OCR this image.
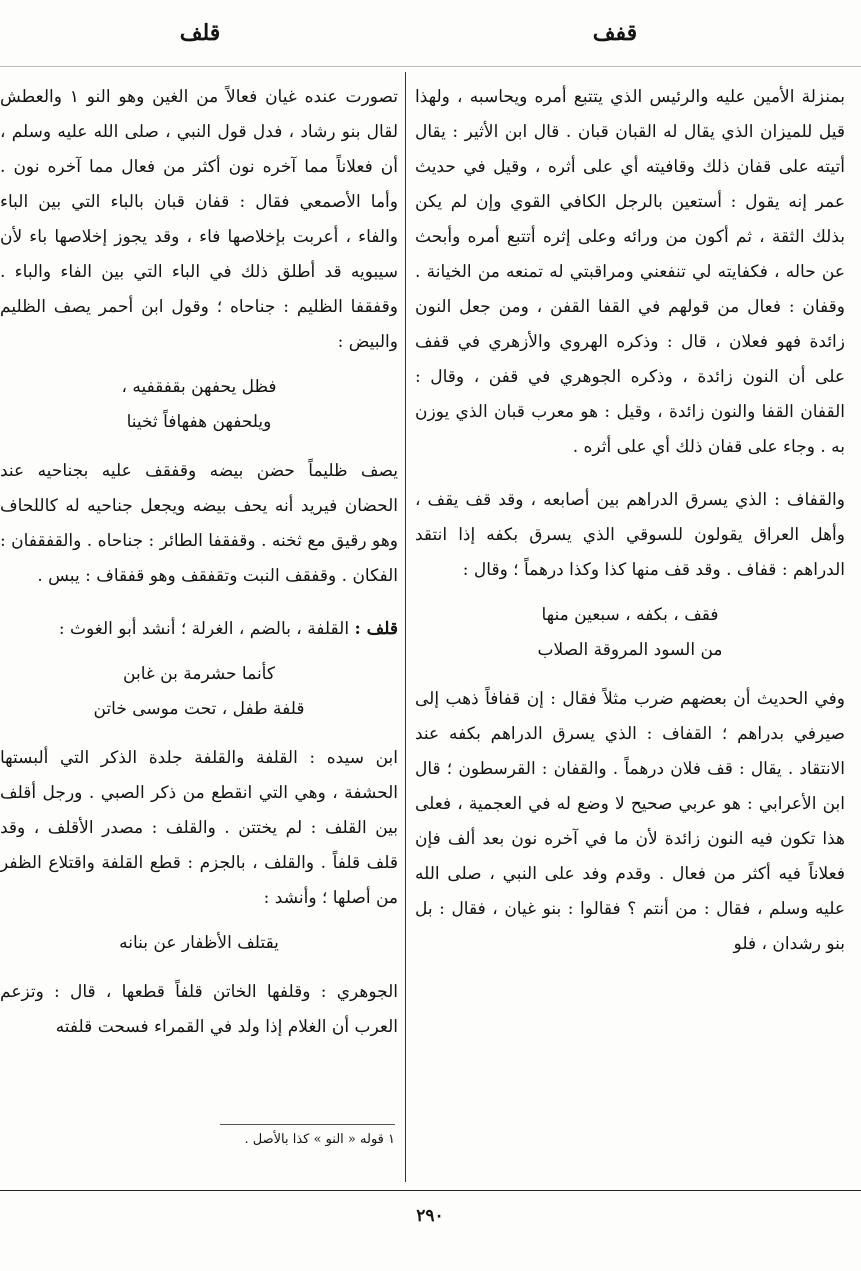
قفف
قلف

بمنزلة الأمين عليه والرئيس الذي يتتبع أمره ويحاسبه ، ولهذا قيل للميزان الذي يقال له القبان قبان . قال ابن الأثير : يقال أتيته على قفان ذلك وقافيته أي على أثره ، وقيل في حديث عمر إنه يقول : أستعين بالرجل الكافي القوي وإن لم يكن بذلك الثقة ، ثم أكون من ورائه وعلى إثره أتتبع أمره وأبحث عن حاله ، فكفايته لي تنفعني ومراقبتي له تمنعه من الخيانة . وقفان : فعال من قولهم في القفا القفن ، ومن جعل النون زائدة فهو فعلان ، قال : وذكره الهروي والأزهري في قفف على أن النون زائدة ، وذكره الجوهري في قفن ، وقال : القفان القفا والنون زائدة ، وقيل : هو معرب قبان الذي يوزن به . وجاء على قفان ذلك أي على أثره .

والقفاف : الذي يسرق الدراهم بين أصابعه ، وقد قف يقف ، وأهل العراق يقولون للسوقي الذي يسرق بكفه إذا انتقد الدراهم : قفاف . وقد قف منها كذا وكذا درهماً ؛ وقال :

فقف ، بكفه ، سبعين منها

من السود المروقة الصلاب

وفي الحديث أن بعضهم ضرب مثلاً فقال : إن قفافاً ذهب إلى صيرفي بدراهم ؛ القفاف : الذي يسرق الدراهم بكفه عند الانتقاد . يقال : قف فلان درهماً . والقفان : القرسطون ؛ قال ابن الأعرابي : هو عربي صحيح لا وضع له في العجمية ، فعلى هذا تكون فيه النون زائدة لأن ما في آخره نون بعد ألف فإن فعلاناً فيه أكثر من فعال . وقدم وفد على النبي ، صلى الله عليه وسلم ، فقال : من أنتم ؟ فقالوا : بنو غيان ، فقال : بل بنو رشدان ، فلو

تصورت عنده غيان فعالاً من الغين وهو النو ١ والعطش لقال بنو رشاد ، فدل قول النبي ، صلى الله عليه وسلم ، أن فعلاناً مما آخره نون أكثر من فعال مما آخره نون . وأما الأصمعي فقال : قفان قبان بالباء التي بين الباء والفاء ، أعربت بإخلاصها فاء ، وقد يجوز إخلاصها باء لأن سيبويه قد أطلق ذلك في الباء التي بين الفاء والباء . وقفقفا الظليم : جناحاه ؛ وقول ابن أحمر يصف الظليم والبيض :

فظل يحفهن بقفقفيه ،

ويلحفهن هفهافاً ثخينا

يصف ظليماً حضن بيضه وقفقف عليه بجناحيه عند الحضان فيريد أنه يحف بيضه ويجعل جناحيه له كاللحاف وهو رقيق مع ثخنه . وقفقفا الطائر : جناحاه . والقفقفان : الفكان . وقفقف النبت وتقفقف وهو قفقاف : يبس .

قلف : القلفة ، بالضم ، الغرلة ؛ أنشد أبو الغوث :

كأنما حشرمة بن غابن

قلفة طفل ، تحت موسى خاتن

ابن سيده : القلفة والقلفة جلدة الذكر التي ألبستها الحشفة ، وهي التي انقطع من ذكر الصبي . ورجل أقلف بين القلف : لم يختتن . والقلف : مصدر الأقلف ، وقد قلف قلفاً . والقلف ، بالجزم : قطع القلفة واقتلاع الظفر من أصلها ؛ وأنشد :

يقتلف الأظفار عن بنانه

الجوهري : وقلفها الخاتن قلفاً قطعها ، قال : وتزعم العرب أن الغلام إذا ولد في القمراء فسحت قلفته

١ قوله « النو » كذا بالأصل .
٢٩٠
